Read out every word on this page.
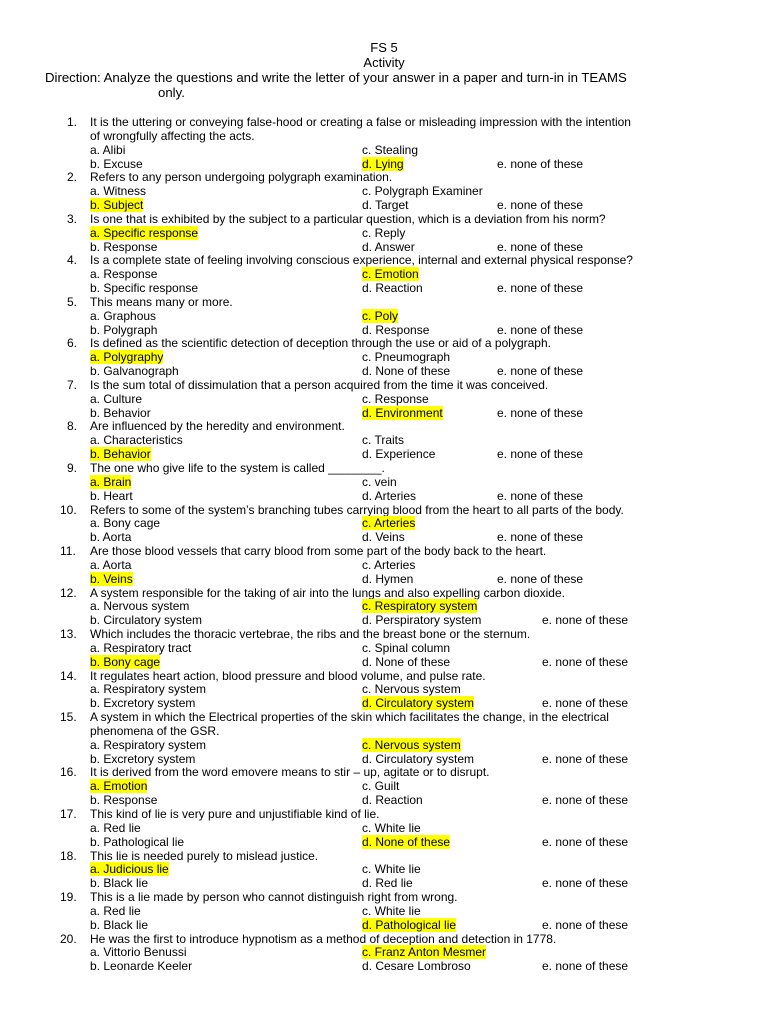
FS 5
Activity
Direction: Analyze the questions and write the letter of your answer in a paper and turn-in in TEAMS
only.
1. It is the uttering or conveying false-hood or creating a false or misleading impression with the intention
of wrongfully affecting the acts.
a. Alibi	c. Stealing
b. Excuse	d. Lying	e. none of these
2. Refers to any person undergoing polygraph examination.
a. Witness	c. Polygraph Examiner
b. Subject	d. Target	e. none of these
3. Is one that is exhibited by the subject to a particular question, which is a deviation from his norm?
a. Specific response	c. Reply
b. Response	d. Answer	e. none of these
4. Is a complete state of feeling involving conscious experience, internal and external physical response?
a. Response	c. Emotion
b. Specific response	d. Reaction	e. none of these
5. This means many or more.
a. Graphous	c. Poly
b. Polygraph	d. Response	e. none of these
6. Is defined as the scientific detection of deception through the use or aid of a polygraph.
a. Polygraphy	c. Pneumograph
b. Galvanograph	d. None of these	e. none of these
7. Is the sum total of dissimulation that a person acquired from the time it was conceived.
a. Culture	c. Response
b. Behavior	d. Environment	e. none of these
8. Are influenced by the heredity and environment.
a. Characteristics	c. Traits
b. Behavior	d. Experience	e. none of these
9. The one who give life to the system is called ________.
a. Brain	c. vein
b. Heart	d. Arteries	e. none of these
10. Refers to some of the system’s branching tubes carrying blood from the heart to all parts of the body.
a. Bony cage	c. Arteries
b. Aorta	d. Veins	e. none of these
11. Are those blood vessels that carry blood from some part of the body back to the heart.
a. Aorta	c. Arteries
b. Veins	d. Hymen	e. none of these
12. A system responsible for the taking of air into the lungs and also expelling carbon dioxide.
a. Nervous system	c. Respiratory system
b. Circulatory system	d. Perspiratory system	e. none of these
13. Which includes the thoracic vertebrae, the ribs and the breast bone or the sternum.
a. Respiratory tract	c. Spinal column
b. Bony cage	d. None of these	e. none of these
14. It regulates heart action, blood pressure and blood volume, and pulse rate.
a. Respiratory system	c. Nervous system
b. Excretory system	d. Circulatory system	e. none of these
15. A system in which the Electrical properties of the skin which facilitates the change, in the electrical
phenomena of the GSR.
a. Respiratory system	c. Nervous system
b. Excretory system	d. Circulatory system	e. none of these
16. It is derived from the word emovere means to stir – up, agitate or to disrupt.
a. Emotion	c. Guilt
b. Response	d. Reaction	e. none of these
17. This kind of lie is very pure and unjustifiable kind of lie.
a. Red lie	c. White lie
b. Pathological lie	d. None of these	e. none of these
18. This lie is needed purely to mislead justice.
a. Judicious lie	c. White lie
b. Black lie	d. Red lie	e. none of these
19. This is a lie made by person who cannot distinguish right from wrong.
a. Red lie	c. White lie
b. Black lie	d. Pathological lie	e. none of these
20. He was the first to introduce hypnotism as a method of deception and detection in 1778.
a. Vittorio Benussi	c. Franz Anton Mesmer
b. Leonarde Keeler	d. Cesare Lombroso	e. none of these
